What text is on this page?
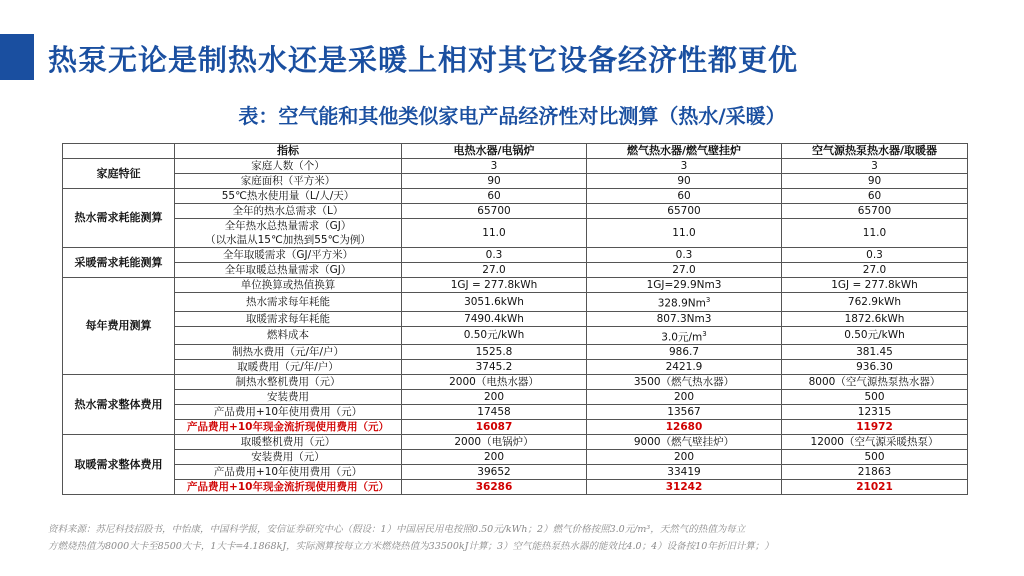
热泵无论是制热水还是采暖上相对其它设备经济性都更优
表：空气能和其他类似家电产品经济性对比测算（热水/采暖）
	指标	电热水器/电锅炉	燃气热水器/燃气壁挂炉	空气源热泵热水器/取暖器
家庭特征	家庭人数（个）	3	3	3
	家庭面积（平方米）	90	90	90
热水需求耗能测算	55℃热水使用量（L/人/天）	60	60	60
	全年的热水总需求（L）	65700	65700	65700

	全年热水总热量需求（GJ）
（以水温从15℃加热到55℃为例）	11.0	11.0	11.0
采暖需求耗能测算	全年取暖需求（GJ/平方米）	0.3	0.3	0.3
	全年取暖总热量需求（GJ）	27.0	27.0	27.0
每年费用测算	单位换算或热值换算	1GJ = 277.8kWh	1GJ=29.9Nm3	1GJ = 277.8kWh
	热水需求每年耗能	3051.6kWh	328.9Nm$^3$	762.9kWh
	取暖需求每年耗能	7490.4kWh	807.3Nm3	1872.6kWh
	燃料成本	0.50元/kWh	3.0元$/m^3$	0.50元/kWh
	制热水费用（元/年/户）	1525.8	986.7	381.45
	取暖费用（元/年/户）	3745.2	2421.9	936.30
热水需求整体费用	制热水整机费用（元）	2000（电热水器）	3500（燃气热水器）	8000（空气源热泵热水器）
	安装费用	200	200	500
	产品费用+10年使用费用（元）	17458	13567	12315
	产品费用+10年现金流折现使用费用（元）	16087	12680	11972
取暖需求整体费用	取暖整机费用（元）	2000（电锅炉）	9000（燃气壁挂炉）	12000（空气源采暖热泵）
	安装费用（元）	200	200	500
	产品费用+10年使用费用（元）	39652	33419	21863
	产品费用+10年现金流折现使用费用（元）	36286	31242	21021
资料来源：苏尼科技招股书，中怡康，中国科学报，安信证券研究中心（假设：1）中国居民用电按照0.50元/kWh；2）燃气价格按照3.0元/m³，天然气的热值为每立
方燃烧热值为8000大卡至8500大卡，1大卡=4.1868kJ，实际测算按每立方米燃烧热值为33500kJ计算；3）空气能热泵热水器的能效比4.0；4）设备按10年折旧计算；）
